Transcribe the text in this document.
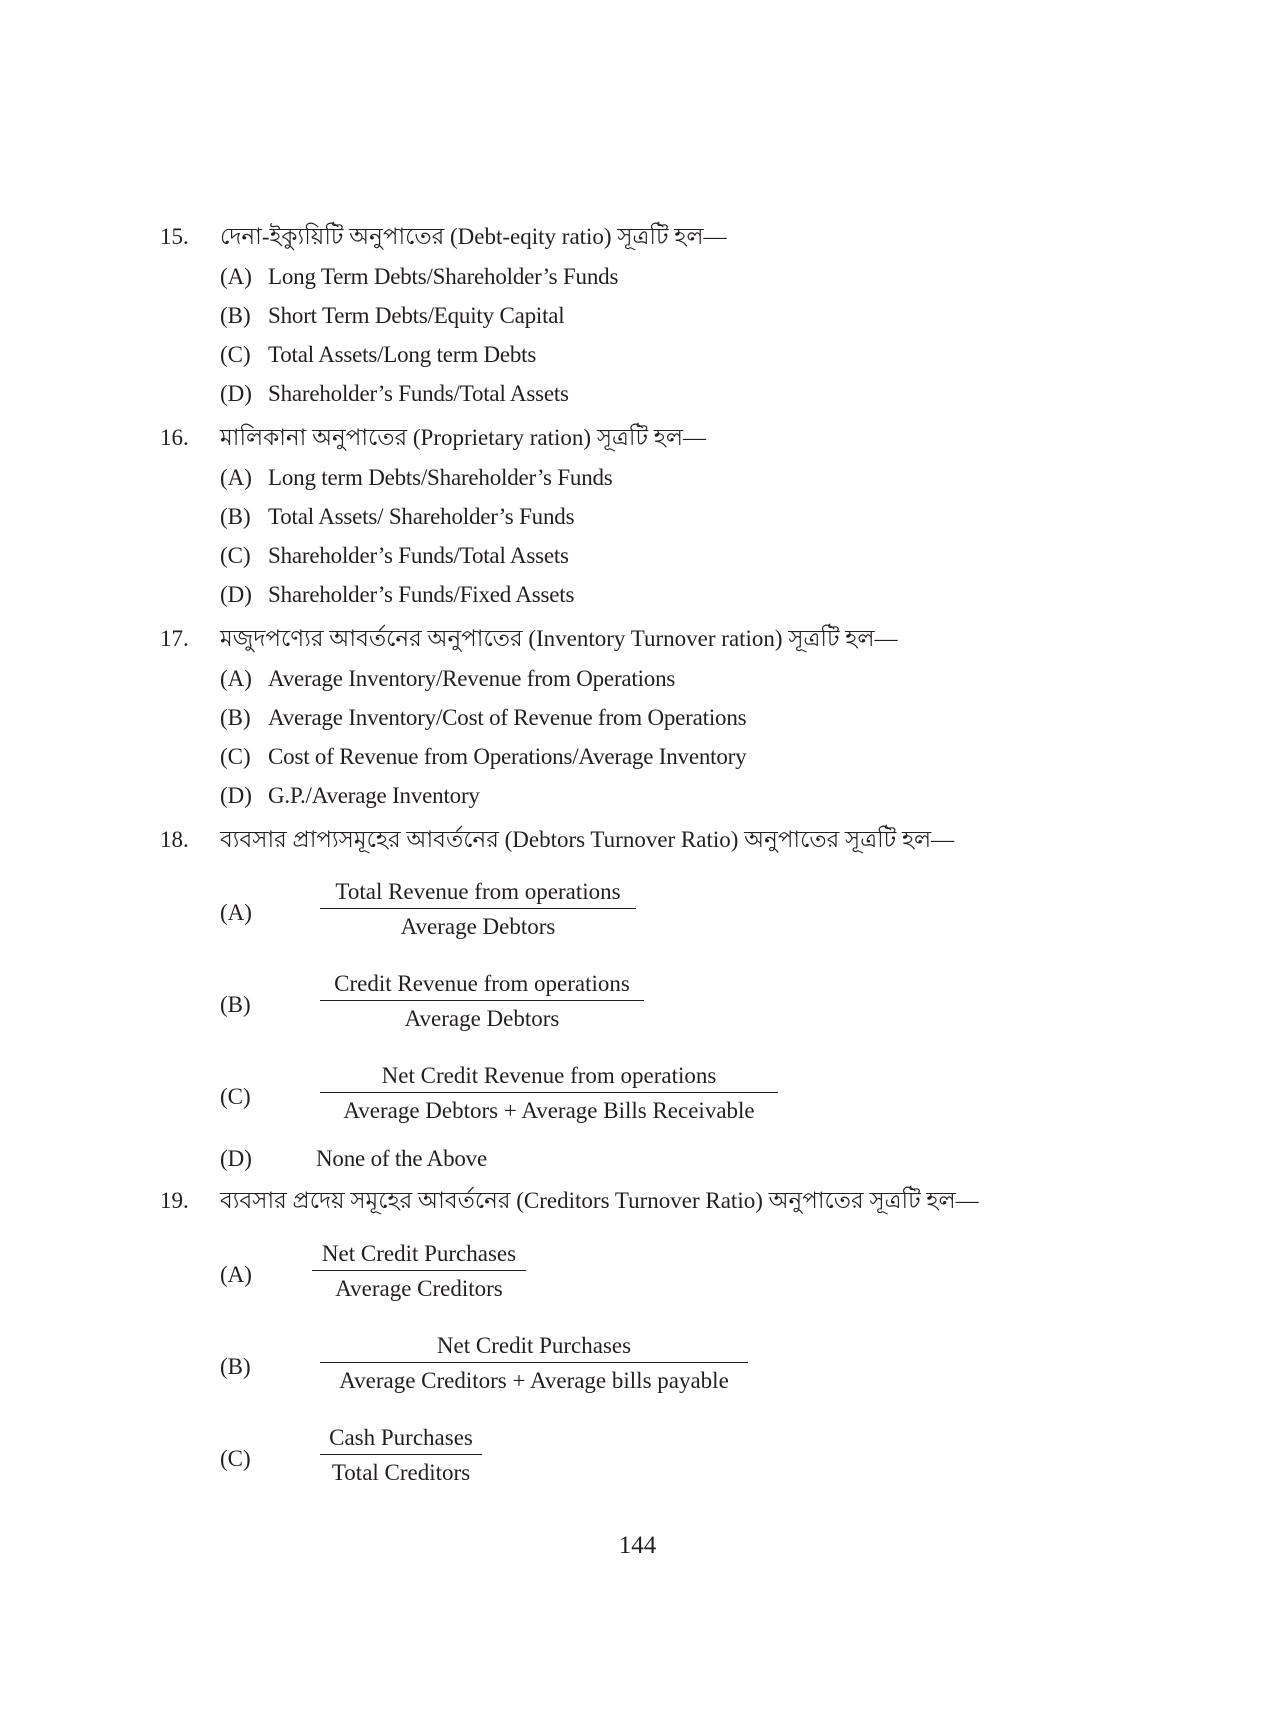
15. দেনা-ইক্যুয়িটি অনুপাতের (Debt-eqity ratio) সূত্রটি হল—
(A) Long Term Debts/Shareholder’s Funds
(B) Short Term Debts/Equity Capital
(C) Total Assets/Long term Debts
(D) Shareholder’s Funds/Total Assets
16. মালিকানা অনুপাতের (Proprietary ration) সূত্রটি হল—
(A) Long term Debts/Shareholder’s Funds
(B) Total Assets/ Shareholder’s Funds
(C) Shareholder’s Funds/Total Assets
(D) Shareholder’s Funds/Fixed Assets
17. মজুদপণ্যের আবর্তনের অনুপাতের (Inventory Turnover ration) সূত্রটি হল—
(A) Average Inventory/Revenue from Operations
(B) Average Inventory/Cost of Revenue from Operations
(C) Cost of Revenue from Operations/Average Inventory
(D) G.P./Average Inventory
18. ব্যবসার প্রাপ্যসমূহের আবর্তনের (Debtors Turnover Ratio) অনুপাতের সূত্রটি হল—
(A)
Total Revenue from operations
Average Debtors
(B)
Credit Revenue from operations
Average Debtors
(C)
Net Credit Revenue from operations
Average Debtors + Average Bills Receivable
(D)	None of the Above
19. ব্যবসার প্রদেয় সমূহের আবর্তনের (Creditors Turnover Ratio) অনুপাতের সূত্রটি হল—
(A)
Net Credit Purchases
Average Creditors
(B)
Net Credit Purchases
Average Creditors + Average bills payable
(C)
Cash Purchases
Total Creditors
144
